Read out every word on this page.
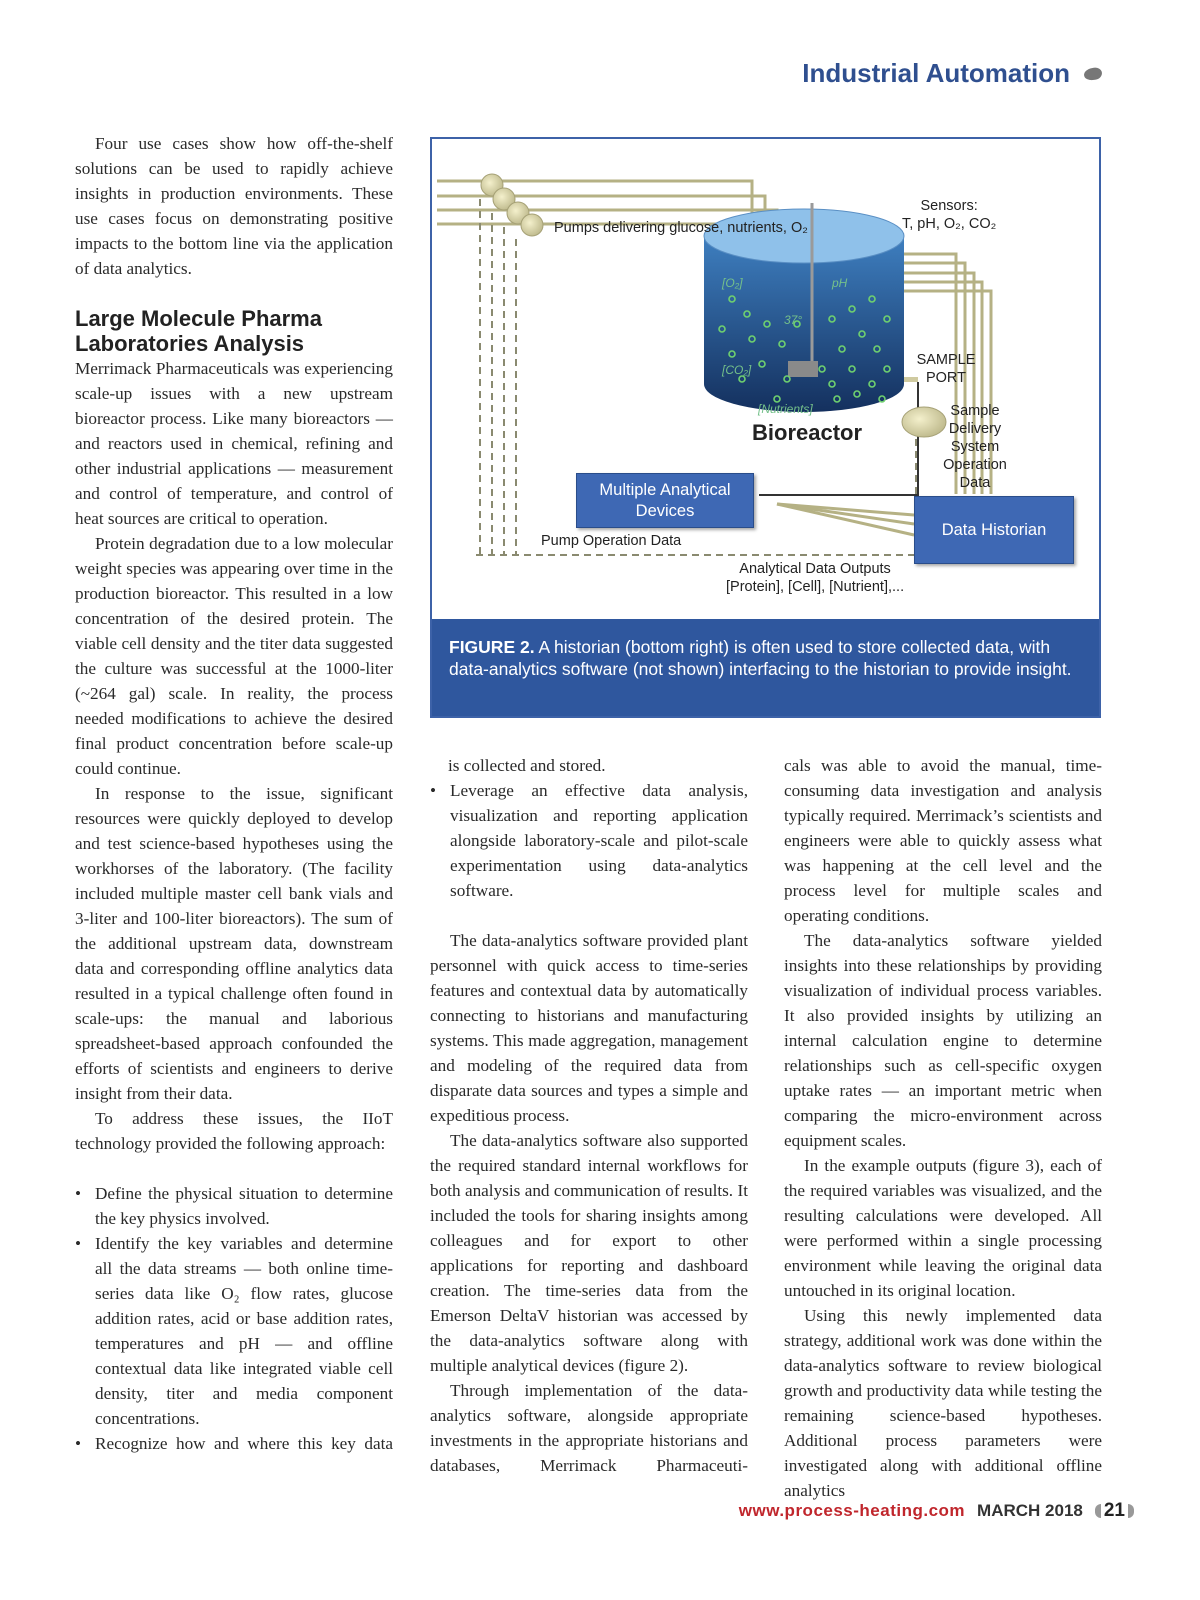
Industrial Automation

Four use cases show how off-the-shelf solutions can be used to rapidly achieve insights in production environments. These use cases focus on demonstrating positive impacts to the bottom line via the application of data analytics.

Large Molecule Pharma Laboratories Analysis

Merrimack Pharmaceuticals was experiencing scale-up issues with a new upstream bioreactor process. Like many bioreactors — and reactors used in chemical, refining and other industrial applications — measurement and control of temperature, and control of heat sources are critical to operation.

Protein degradation due to a low molecular weight species was appearing over time in the production bioreactor. This resulted in a low concentration of the desired protein. The viable cell density and the titer data suggested the culture was successful at the 1000-liter (~264 gal) scale. In reality, the process needed modifications to achieve the desired final product concentration before scale-up could continue.

In response to the issue, significant resources were quickly deployed to develop and test science-based hypotheses using the workhorses of the laboratory. (The facility included multiple master cell bank vials and 3-liter and 100-liter bioreactors). The sum of the additional upstream data, downstream data and corresponding offline analytics data resulted in a typical challenge often found in scale-ups: the manual and laborious spreadsheet-based approach confounded the efforts of scientists and engineers to derive insight from their data.

To address these issues, the IIoT technology provided the following approach:

• Define the physical situation to determine the key physics involved.
• Identify the key variables and determine all the data streams — both online time-series data like O₂ flow rates, glucose addition rates, acid or base addition rates, temperatures and pH — and offline contextual data like integrated viable cell density, titer and media component concentrations.
• Recognize how and where this key data
Pumps delivering glucose, nutrients, O₂
Sensors:
T, pH, O₂, CO₂
[O₂]	pH
37°
[CO₂]
[Nutrients]
Bioreactor
SAMPLE PORT
Sample Delivery System Operation Data
Multiple Analytical Devices
Data Historian
Pump Operation Data
Analytical Data Outputs
[Protein], [Cell], [Nutrient],...
FIGURE 2. A historian (bottom right) is often used to store collected data, with data-analytics software (not shown) interfacing to the historian to provide insight.

is collected and stored.

• Leverage an effective data analysis, visualization and reporting application alongside laboratory-scale and pilot-scale experimentation using data-analytics software.

The data-analytics software provided plant personnel with quick access to time-series features and contextual data by automatically connecting to historians and manufacturing systems. This made aggregation, management and modeling of the required data from disparate data sources and types a simple and expeditious process.

The data-analytics software also supported the required standard internal workflows for both analysis and communication of results. It included the tools for sharing insights among colleagues and for export to other applications for reporting and dashboard creation. The time-series data from the Emerson DeltaV historian was accessed by the data-analytics software along with multiple analytical devices (figure 2).

Through implementation of the data-analytics software, alongside appropriate investments in the appropriate historians and databases, Merrimack Pharmaceuti-

cals was able to avoid the manual, time-consuming data investigation and analysis typically required. Merrimack’s scientists and engineers were able to quickly assess what was happening at the cell level and the process level for multiple scales and operating conditions.

The data-analytics software yielded insights into these relationships by providing visualization of individual process variables. It also provided insights by utilizing an internal calculation engine to determine relationships such as cell-specific oxygen uptake rates — an important metric when comparing the micro-environment across equipment scales.

In the example outputs (figure 3), each of the required variables was visualized, and the resulting calculations were developed. All were performed within a single processing environment while leaving the original data untouched in its original location.

Using this newly implemented data strategy, additional work was done within the data-analytics software to review biological growth and productivity data while testing the remaining science-based hypotheses. Additional process parameters were investigated along with additional offline analytics

www.process-heating.com MARCH 2018 21
